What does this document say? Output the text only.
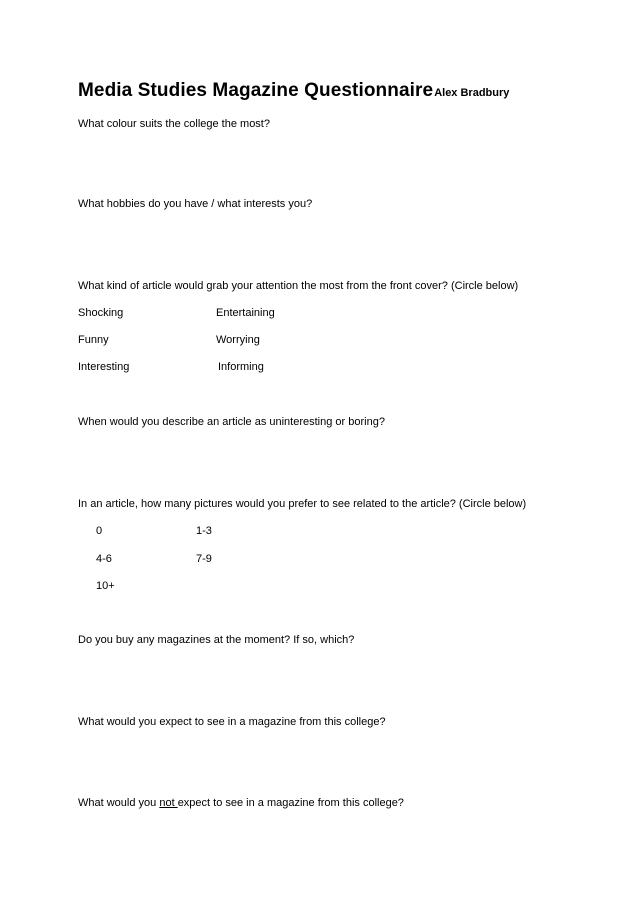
Media Studies Magazine Questionnaire Alex Bradbury
What colour suits the college the most?
What hobbies do you have / what interests you?
What kind of article would grab your attention the most from the front cover? (Circle below)
Shocking	Entertaining
Funny	Worrying
Interesting	Informing
When would you describe an article as uninteresting or boring?
In an article, how many pictures would you prefer to see related to the article? (Circle below)
0	1-3
4-6	7-9
10+
Do you buy any magazines at the moment? If so, which?
What would you expect to see in a magazine from this college?
What would you not expect to see in a magazine from this college?
